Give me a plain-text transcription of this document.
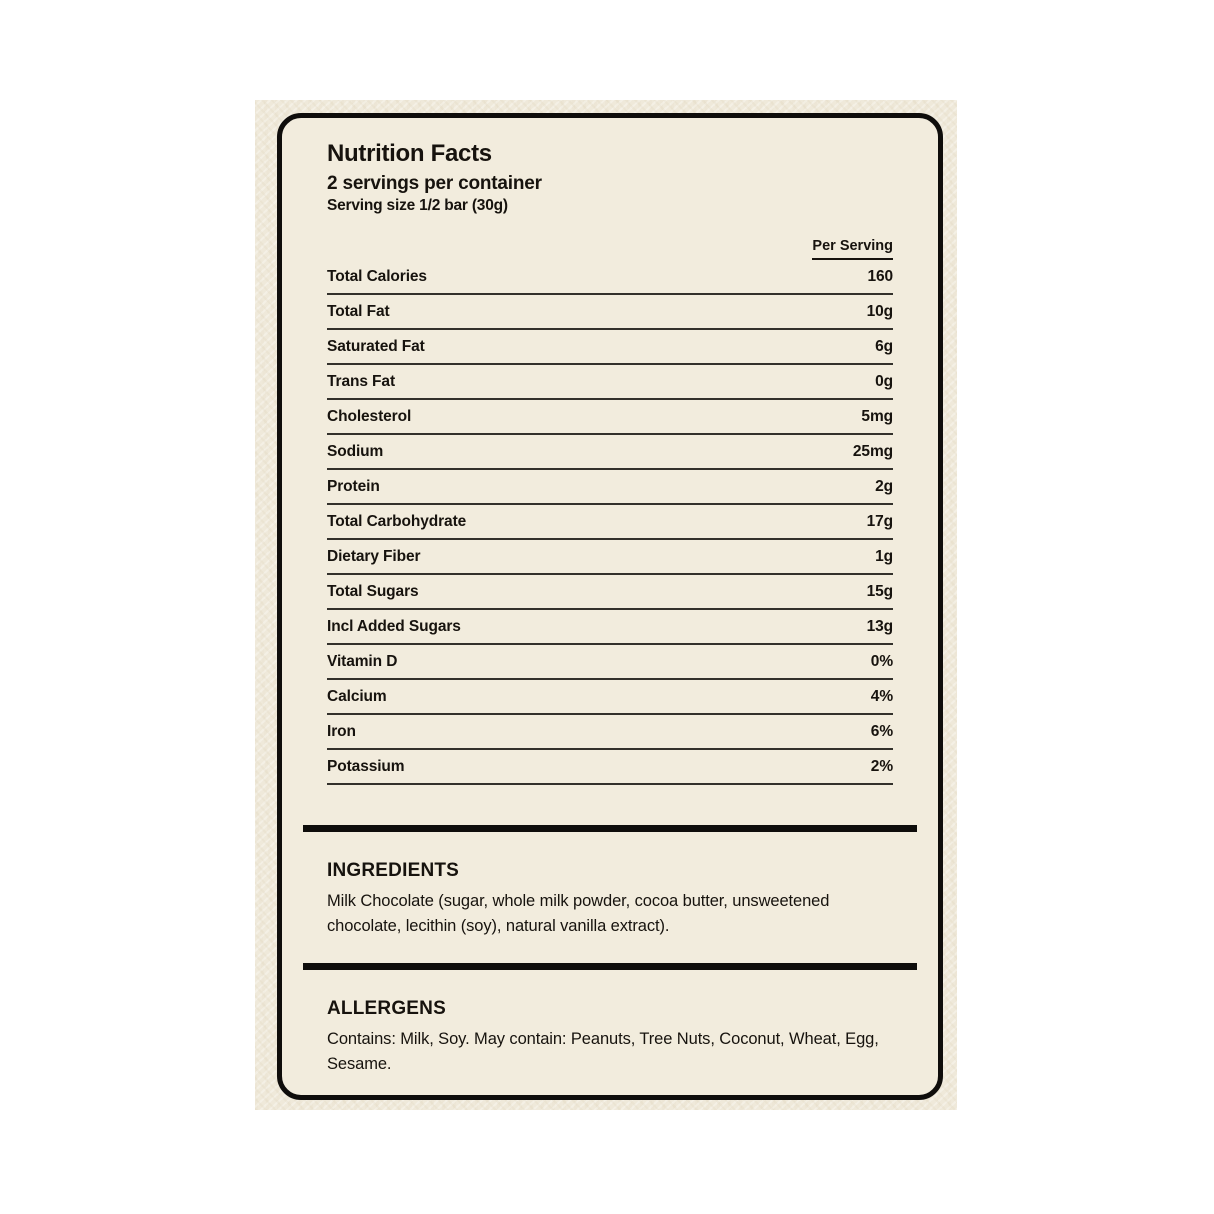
Nutrition Facts

2 servings per container

Serving size 1/2 bar (30g)

Per Serving
Total Calories	160
Total Fat	10g
Saturated Fat	6g
Trans Fat	0g
Cholesterol	5mg
Sodium	25mg
Protein	2g
Total Carbohydrate	17g
Dietary Fiber	1g
Total Sugars	15g
Incl Added Sugars	13g
Vitamin D	0%
Calcium	4%
Iron	6%
Potassium	2%
INGREDIENTS

Milk Chocolate (sugar, whole milk powder, cocoa butter, unsweetened chocolate, lecithin (soy), natural vanilla extract).

ALLERGENS

Contains: Milk, Soy. May contain: Peanuts, Tree Nuts, Coconut, Wheat, Egg, Sesame.
